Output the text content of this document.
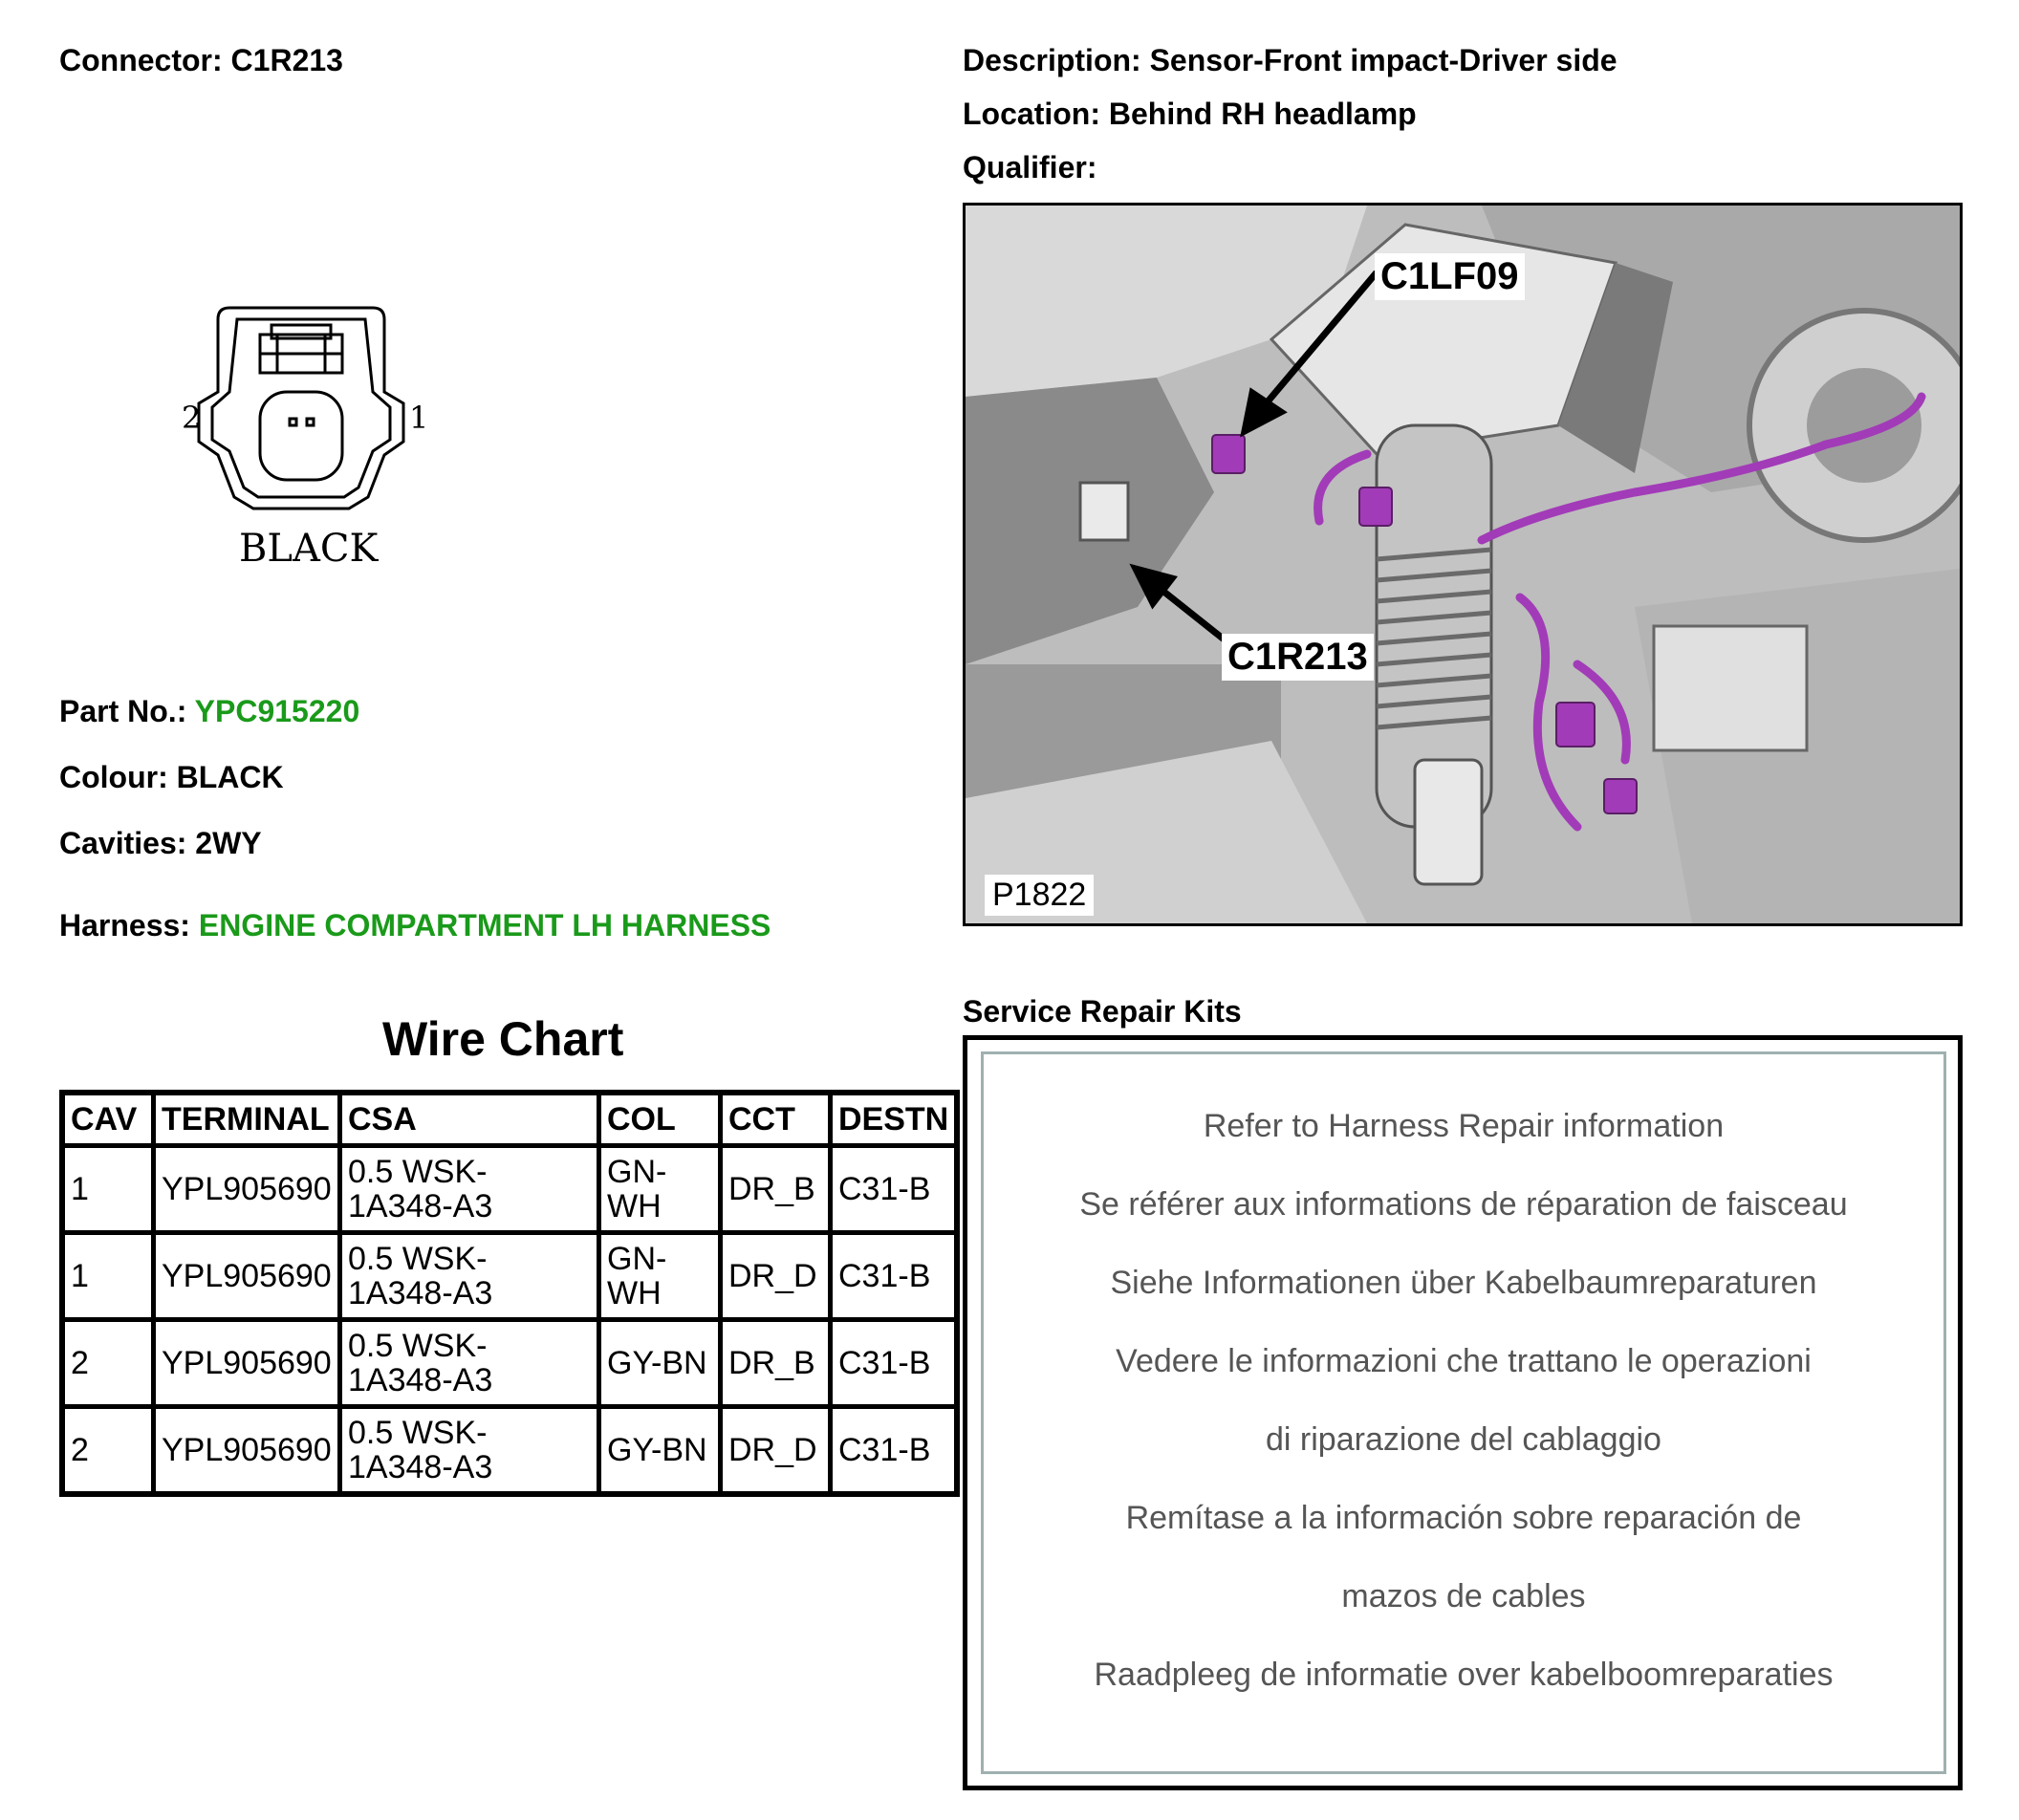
Connector: C1R213
2	1
BLACK
Part No.: YPC915220
Colour: BLACK
Cavities: 2WY
Harness: ENGINE COMPARTMENT LH HARNESS
Wire Chart
CAV	TERMINAL	CSA	COL	CCT	DESTN
1	YPL905690	0.5 WSK-1A348-A3	GN-WH	DR_B	C31-B
1	YPL905690	0.5 WSK-1A348-A3	GN-WH	DR_D	C31-B
2	YPL905690	0.5 WSK-1A348-A3	GY-BN	DR_B	C31-B
2	YPL905690	0.5 WSK-1A348-A3	GY-BN	DR_D	C31-B
Description: Sensor-Front impact-Driver side
Location: Behind RH headlamp
Qualifier:
C1LF09
C1R213
P1822
Service Repair Kits
Refer to Harness Repair information
Se référer aux informations de réparation de faisceau
Siehe Informationen über Kabelbaumreparaturen
Vedere le informazioni che trattano le operazioni
di riparazione del cablaggio
Remítase a la información sobre reparación de
mazos de cables
Raadpleeg de informatie over kabelboomreparaties
